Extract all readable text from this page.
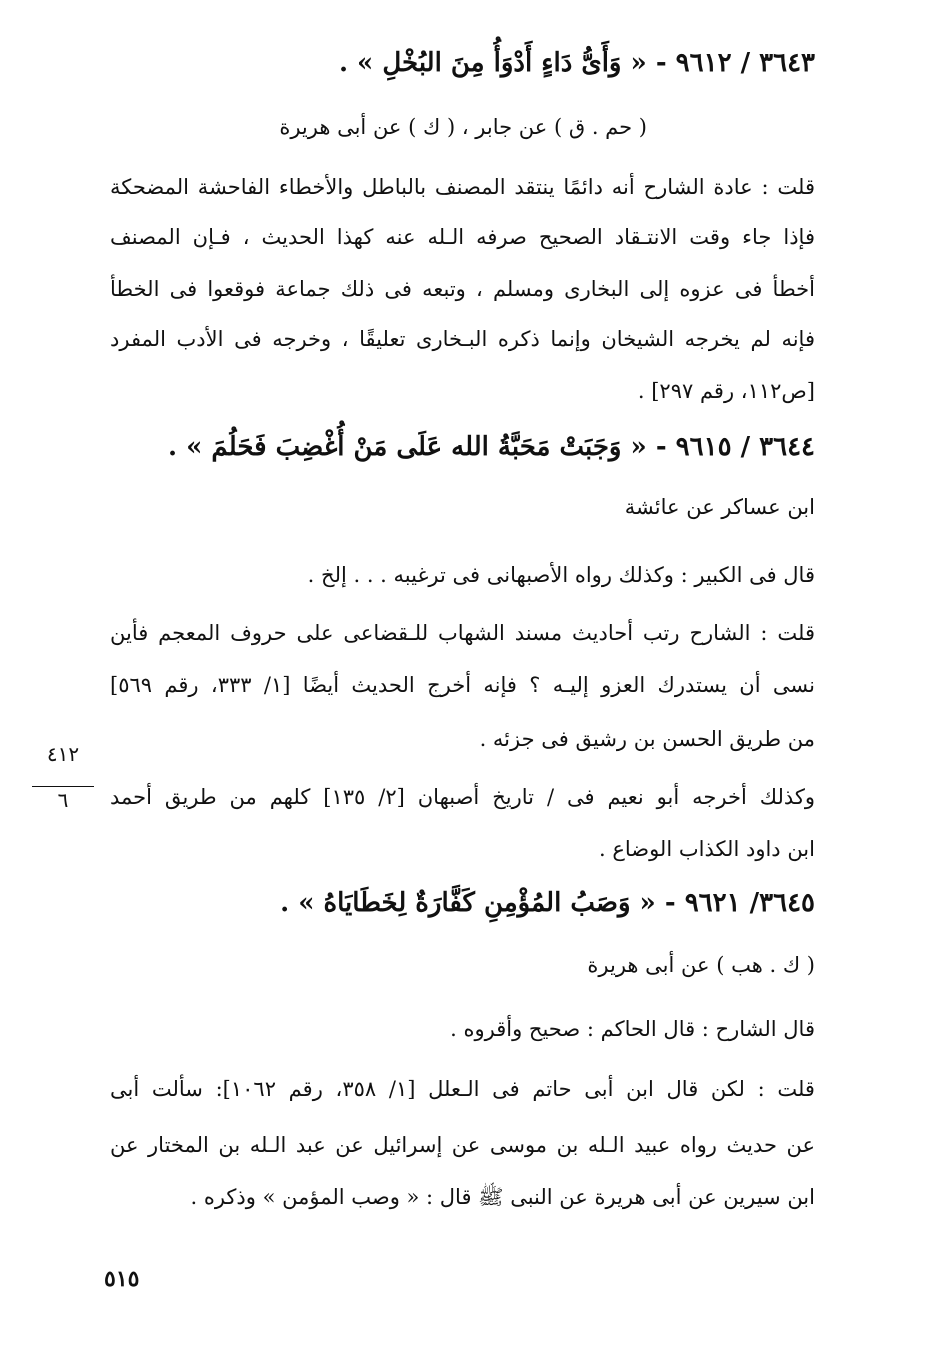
٣٦٤٣ / ٩٦١٢ - « وَأَىُّ دَاءٍ أَدْوَأُ مِنَ البُخْلِ » .
( حم . ق ) عن جابر ، ( ك ) عن أبى هريرة
قلت : عادة الشارح أنه دائمًا ينتقد المصنف بالباطل والأخطاء الفاحشة المضحكة
فإذا جاء وقت الانتـقاد الصحيح صرفه الـله عنه كهذا الحديث ، فـإن المصنف
أخطأ فى عزوه إلى البخارى ومسلم ، وتبعه فى ذلك جماعة فوقعوا فى الخطأ
فإنه لم يخرجه الشيخان وإنما ذكره البـخارى تعليقًا ، وخرجه فى الأدب المفرد
[ص١١٢، رقم ٢٩٧] .
٣٦٤٤ / ٩٦١٥ - « وَجَبَتْ مَحَبَّةُ الله عَلَى مَنْ أُغْضِبَ فَحَلُمَ » .
ابن عساكر عن عائشة
قال فى الكبير : وكذلك رواه الأصبهانى فى ترغيبه . . . إلخ .
قلت : الشارح رتب أحاديث مسند الشهاب للـقضاعى على حروف المعجم فأين
نسى أن يستدرك العزو إليـه ؟ فإنه أخرج الحديث أيضًا [١/ ٣٣٣، رقم ٥٦٩]
من طريق الحسن بن رشيق فى جزئه .
وكذلك أخرجه أبو نعيم فى / تاريخ أصبهان [٢/ ١٣٥] كلهم من طريق أحمد
ابن داود الكذاب الوضاع .
٣٦٤٥/ ٩٦٢١ - « وَصَبُ المُؤْمِنِ كَفَّارَةٌ لِخَطَايَاهُ » .
( ك . هب ) عن أبى هريرة
قال الشارح : قال الحاكم : صحيح وأقروه .
قلت : لكن قال ابن أبى حاتم فى الـعلل [١/ ٣٥٨، رقم ١٠٦٢]: سألت أبى
عن حديث رواه عبيد الـله بن موسى عن إسرائيل عن عبد الـله بن المختار عن
ابن سيرين عن أبى هريرة عن النبى ﷺ قال : « وصب المؤمن » وذكره .
٤١٢
٦
٥١٥
